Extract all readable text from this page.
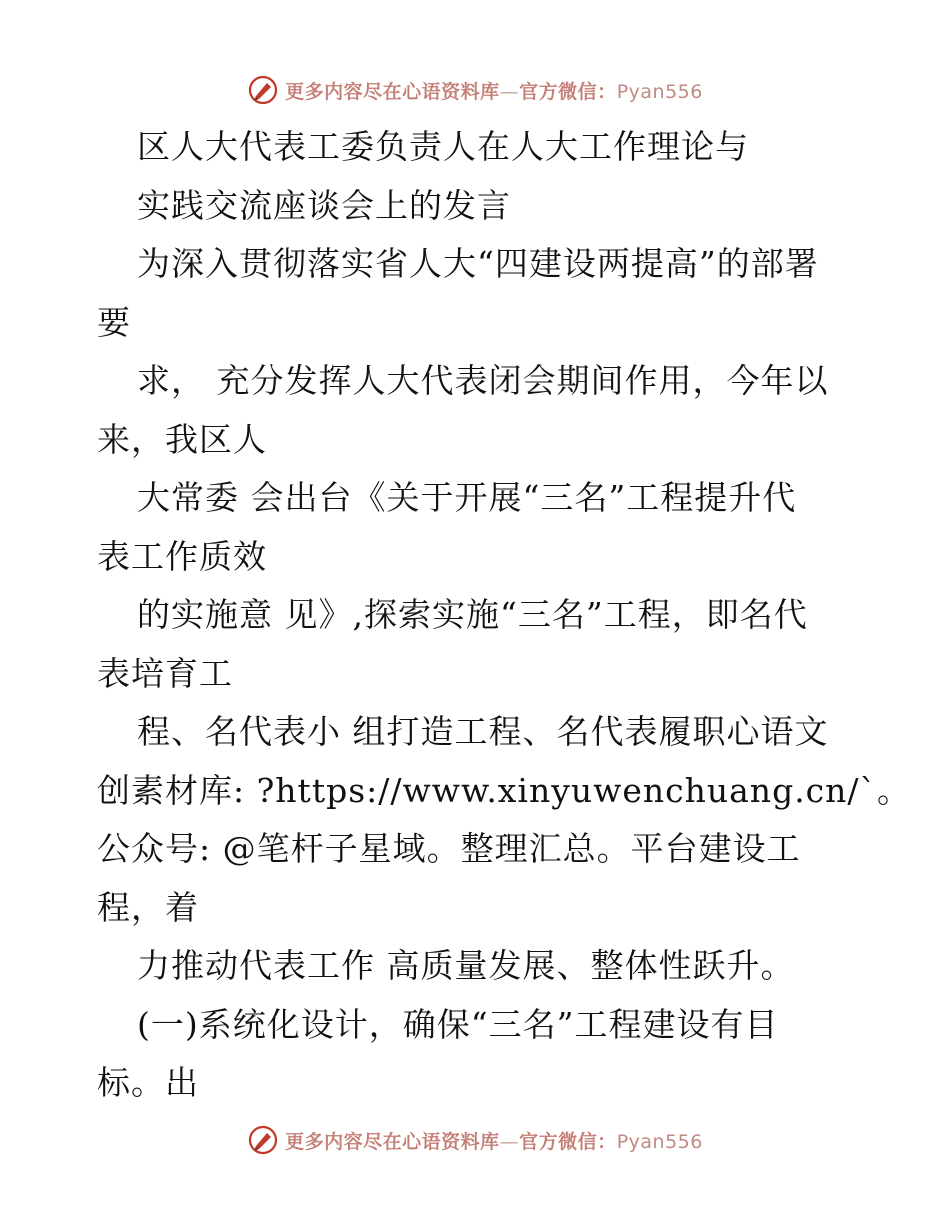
更多内容尽在心语资料库—官方微信：Pyan556
区人大代表工委负责人在人大工作理论与
实践交流座谈会上的发言
为深入贯彻落实省人大“四建设两提高”的部署
要
求， 充分发挥人大代表闭会期间作用，今年以
来，我区人
大常委 会出台《关于开展“三名”工程提升代
表工作质效
的实施意 见》,探索实施“三名”工程，即名代
表培育工
程、名代表小 组打造工程、名代表履职心语文
创素材库: ?https://www.xinyuwenchuang.cn/`。
公众号: @笔杆子星域。整理汇总。平台建设工
程，着
力推动代表工作 高质量发展、整体性跃升。
(一)系统化设计，确保“三名”工程建设有目
标。出
更多内容尽在心语资料库—官方微信：Pyan556
